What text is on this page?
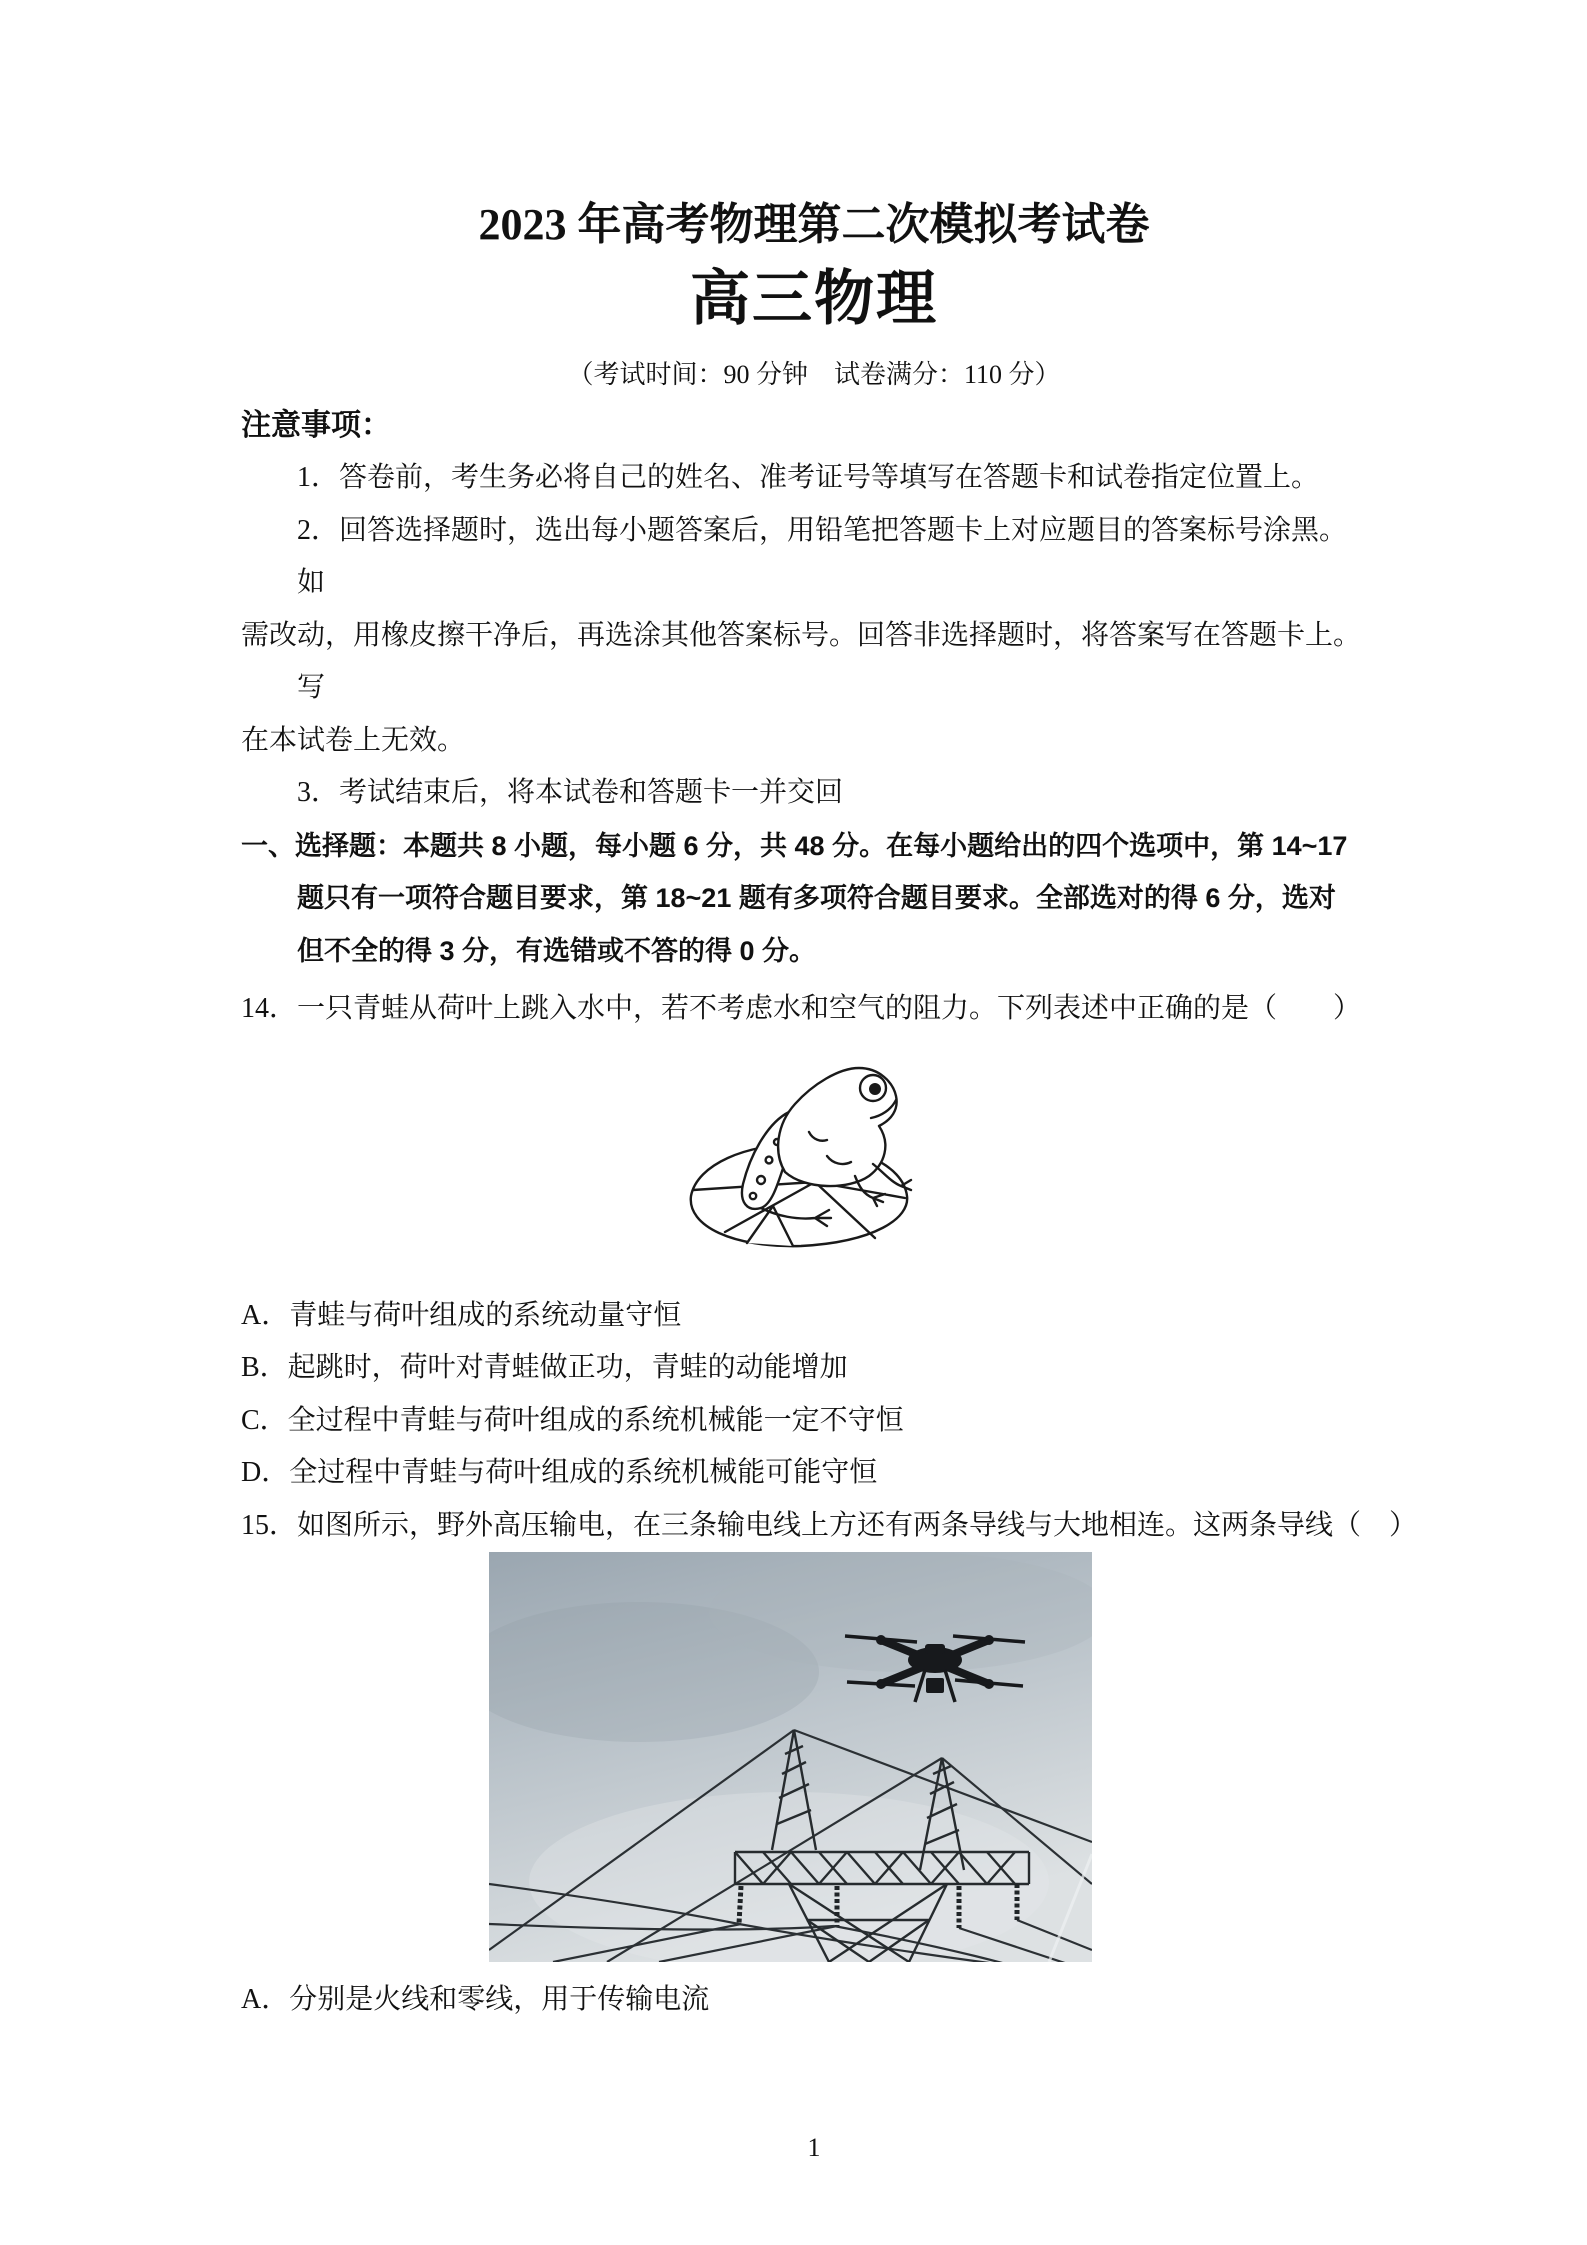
2023 年高考物理第二次模拟考试卷
高三物理
（考试时间：90 分钟　试卷满分：110 分）
注意事项：
1．答卷前，考生务必将自己的姓名、准考证号等填写在答题卡和试卷指定位置上。
2．回答选择题时，选出每小题答案后，用铅笔把答题卡上对应题目的答案标号涂黑。
如
需改动，用橡皮擦干净后，再选涂其他答案标号。回答非选择题时，将答案写在答题卡上。
写
在本试卷上无效。
3．考试结束后，将本试卷和答题卡一并交回
一、选择题：本题共 8 小题，每小题 6 分，共 48 分。在每小题给出的四个选项中，第 14~17
题只有一项符合题目要求，第 18~21 题有多项符合题目要求。全部选对的得 6 分，选对
但不全的得 3 分，有选错或不答的得 0 分。
14．一只青蛙从荷叶上跳入水中，若不考虑水和空气的阻力。下列表述中正确的是（　　）
A．青蛙与荷叶组成的系统动量守恒
B．起跳时，荷叶对青蛙做正功，青蛙的动能增加
C．全过程中青蛙与荷叶组成的系统机械能一定不守恒
D．全过程中青蛙与荷叶组成的系统机械能可能守恒
15．如图所示，野外高压输电，在三条输电线上方还有两条导线与大地相连。这两条导线（　）
A．分别是火线和零线，用于传输电流
1
